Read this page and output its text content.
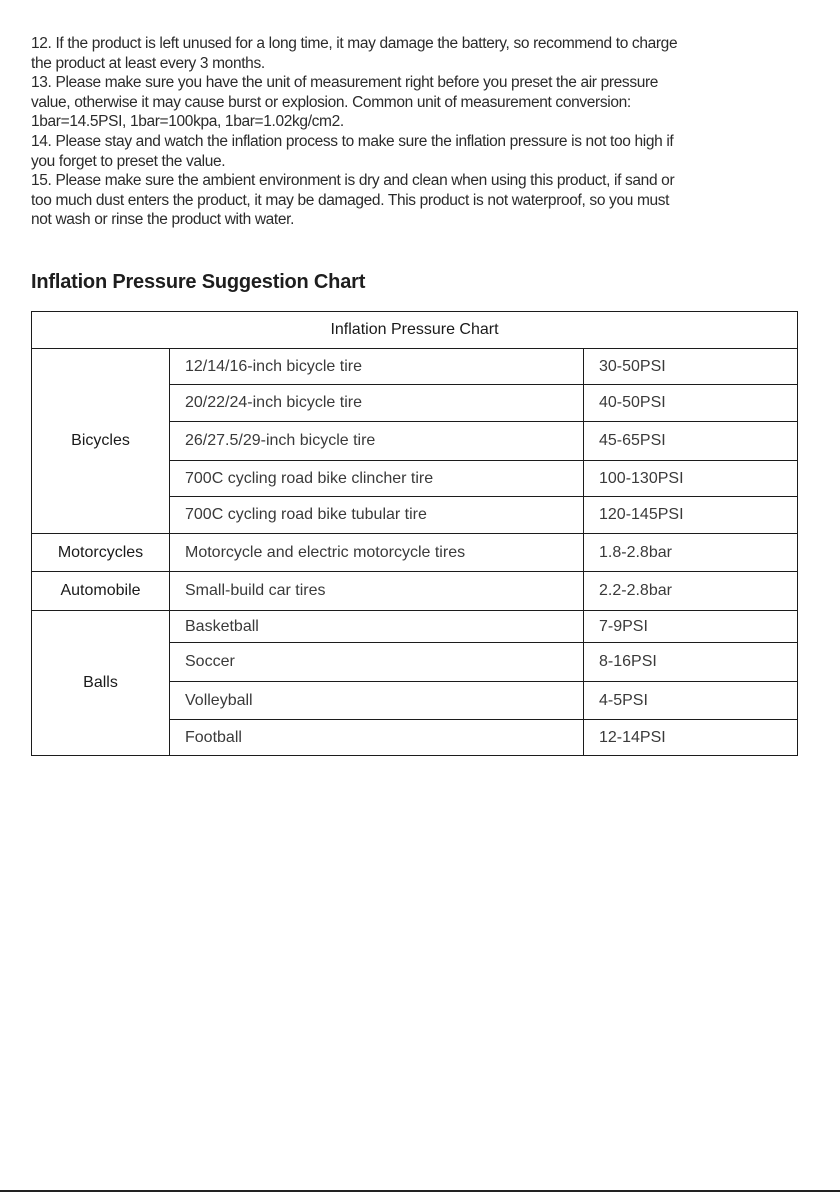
12. If the product is left unused for a long time, it may damage the battery, so recommend to charge
the product at least every 3 months.

13. Please make sure you have the unit of measurement right before you preset the air pressure
value, otherwise it may cause burst or explosion. Common unit of measurement conversion:
1bar=14.5PSI, 1bar=100kpa, 1bar=1.02kg/cm2.

14. Please stay and watch the inflation process to make sure the inflation pressure is not too high if
you forget to preset the value.

15. Please make sure the ambient environment is dry and clean when using this product, if sand or
too much dust enters the product, it may be damaged. This product is not waterproof, so you must
not wash or rinse the product with water.

Inflation Pressure Suggestion Chart
Inflation Pressure Chart		
Bicycles	12/14/16-inch bicycle tire	30-50PSI
	20/22/24-inch bicycle tire	40-50PSI
	26/27.5/29-inch bicycle tire	45-65PSI
	700C cycling road bike clincher tire	100-130PSI
	700C cycling road bike tubular tire	120-145PSI
Motorcycles	Motorcycle and electric motorcycle tires	1.8-2.8bar
Automobile	Small-build car tires	2.2-2.8bar
Balls	Basketball	7-9PSI
	Soccer	8-16PSI
	Volleyball	4-5PSI
	Football	12-14PSI
